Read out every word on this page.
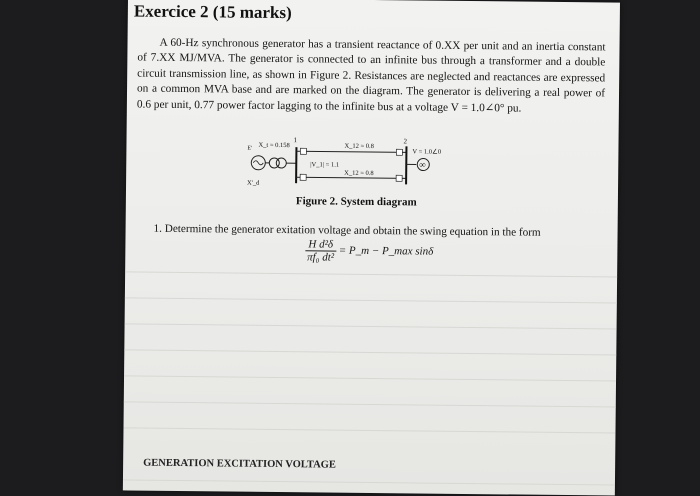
Exercice 2 (15 marks)
A 60-Hz synchronous generator has a transient reactance of 0.XX per unit and an inertia constant of 7.XX MJ/MVA. The generator is connected to an infinite bus through a transformer and a double circuit transmission line, as shown in Figure 2. Resistances are neglected and reactances are expressed on a common MVA base and are marked on the diagram. The generator is delivering a real power of 0.6 per unit, 0.77 power factor lagging to the infinite bus at a voltage V = 1.0∠0° pu.
∞
1	2
X_t = 0.158	X_12 = 0.8
|V_1| = 1.1
X_12 = 0.8
V = 1.0∠0
E'
X'_d
Figure 2. System diagram
1. Determine the generator exitation voltage and obtain the swing equation in the form
$\frac{\text{H d²δ}}{\text{πf₀ dt²}}$ = P_m − P_max sinδ
GENERATION EXCITATION VOLTAGE
